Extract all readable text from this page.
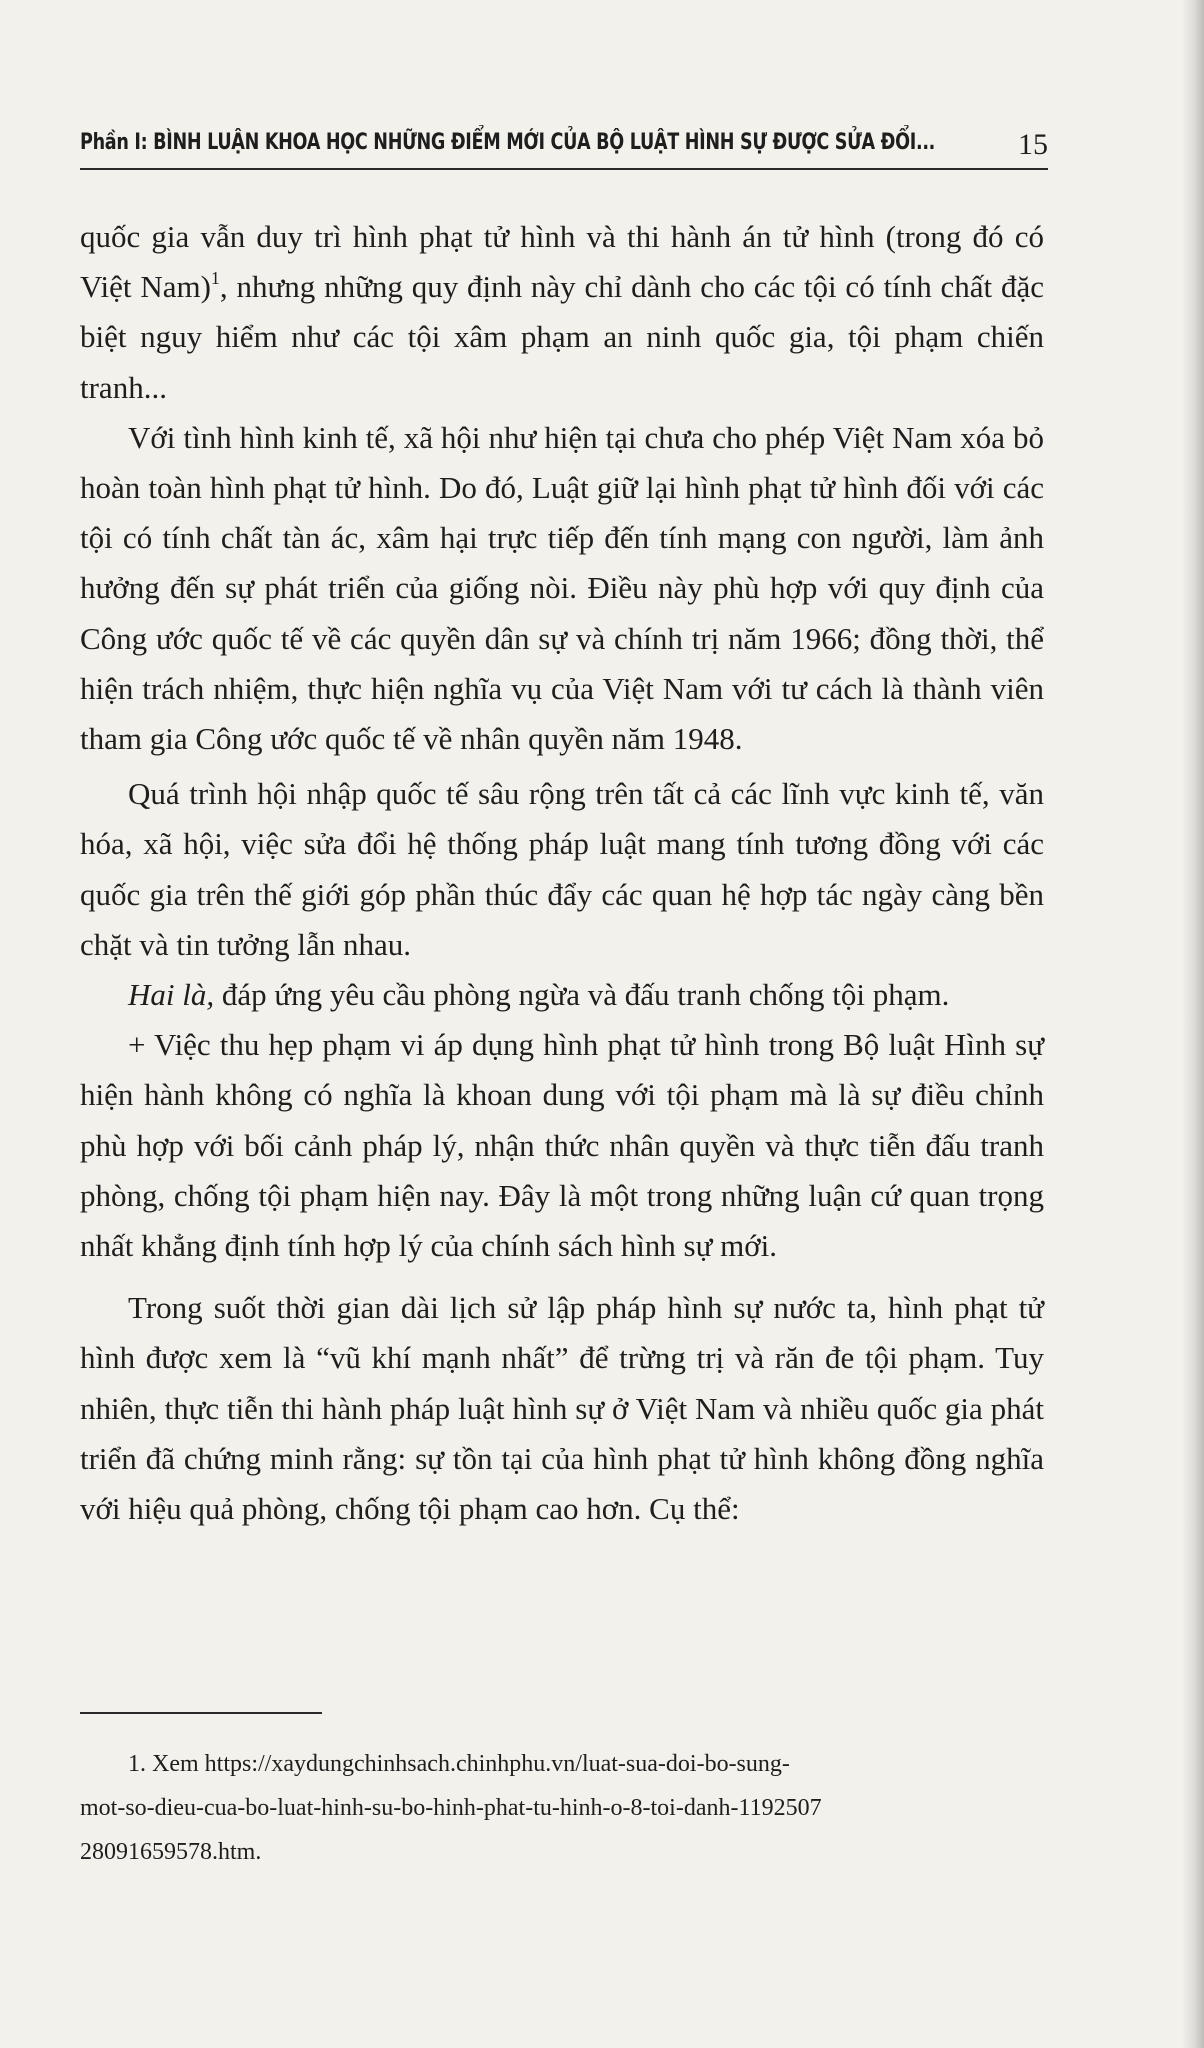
Phần I: BÌNH LUẬN KHOA HỌC NHỮNG ĐIỂM MỚI CỦA BỘ LUẬT HÌNH SỰ ĐƯỢC SỬA ĐỔI...	15

quốc gia vẫn duy trì hình phạt tử hình và thi hành án tử hình (trong đó có Việt Nam)$^1$, nhưng những quy định này chỉ dành cho các tội có tính chất đặc biệt nguy hiểm như các tội xâm phạm an ninh quốc gia, tội phạm chiến tranh...

Với tình hình kinh tế, xã hội như hiện tại chưa cho phép Việt Nam xóa bỏ hoàn toàn hình phạt tử hình. Do đó, Luật giữ lại hình phạt tử hình đối với các tội có tính chất tàn ác, xâm hại trực tiếp đến tính mạng con người, làm ảnh hưởng đến sự phát triển của giống nòi. Điều này phù hợp với quy định của Công ước quốc tế về các quyền dân sự và chính trị năm 1966; đồng thời, thể hiện trách nhiệm, thực hiện nghĩa vụ của Việt Nam với tư cách là thành viên tham gia Công ước quốc tế về nhân quyền năm 1948.

Quá trình hội nhập quốc tế sâu rộng trên tất cả các lĩnh vực kinh tế, văn hóa, xã hội, việc sửa đổi hệ thống pháp luật mang tính tương đồng với các quốc gia trên thế giới góp phần thúc đẩy các quan hệ hợp tác ngày càng bền chặt và tin tưởng lẫn nhau.

Hai là, đáp ứng yêu cầu phòng ngừa và đấu tranh chống tội phạm.

+ Việc thu hẹp phạm vi áp dụng hình phạt tử hình trong Bộ luật Hình sự hiện hành không có nghĩa là khoan dung với tội phạm mà là sự điều chỉnh phù hợp với bối cảnh pháp lý, nhận thức nhân quyền và thực tiễn đấu tranh phòng, chống tội phạm hiện nay. Đây là một trong những luận cứ quan trọng nhất khẳng định tính hợp lý của chính sách hình sự mới.

Trong suốt thời gian dài lịch sử lập pháp hình sự nước ta, hình phạt tử hình được xem là “vũ khí mạnh nhất” để trừng trị và răn đe tội phạm. Tuy nhiên, thực tiễn thi hành pháp luật hình sự ở Việt Nam và nhiều quốc gia phát triển đã chứng minh rằng: sự tồn tại của hình phạt tử hình không đồng nghĩa với hiệu quả phòng, chống tội phạm cao hơn. Cụ thể:

1. Xem https://xaydungchinhsach.chinhphu.vn/luat-sua-doi-bo-sung-

mot-so-dieu-cua-bo-luat-hinh-su-bo-hinh-phat-tu-hinh-o-8-toi-danh-1192507

28091659578.htm.
